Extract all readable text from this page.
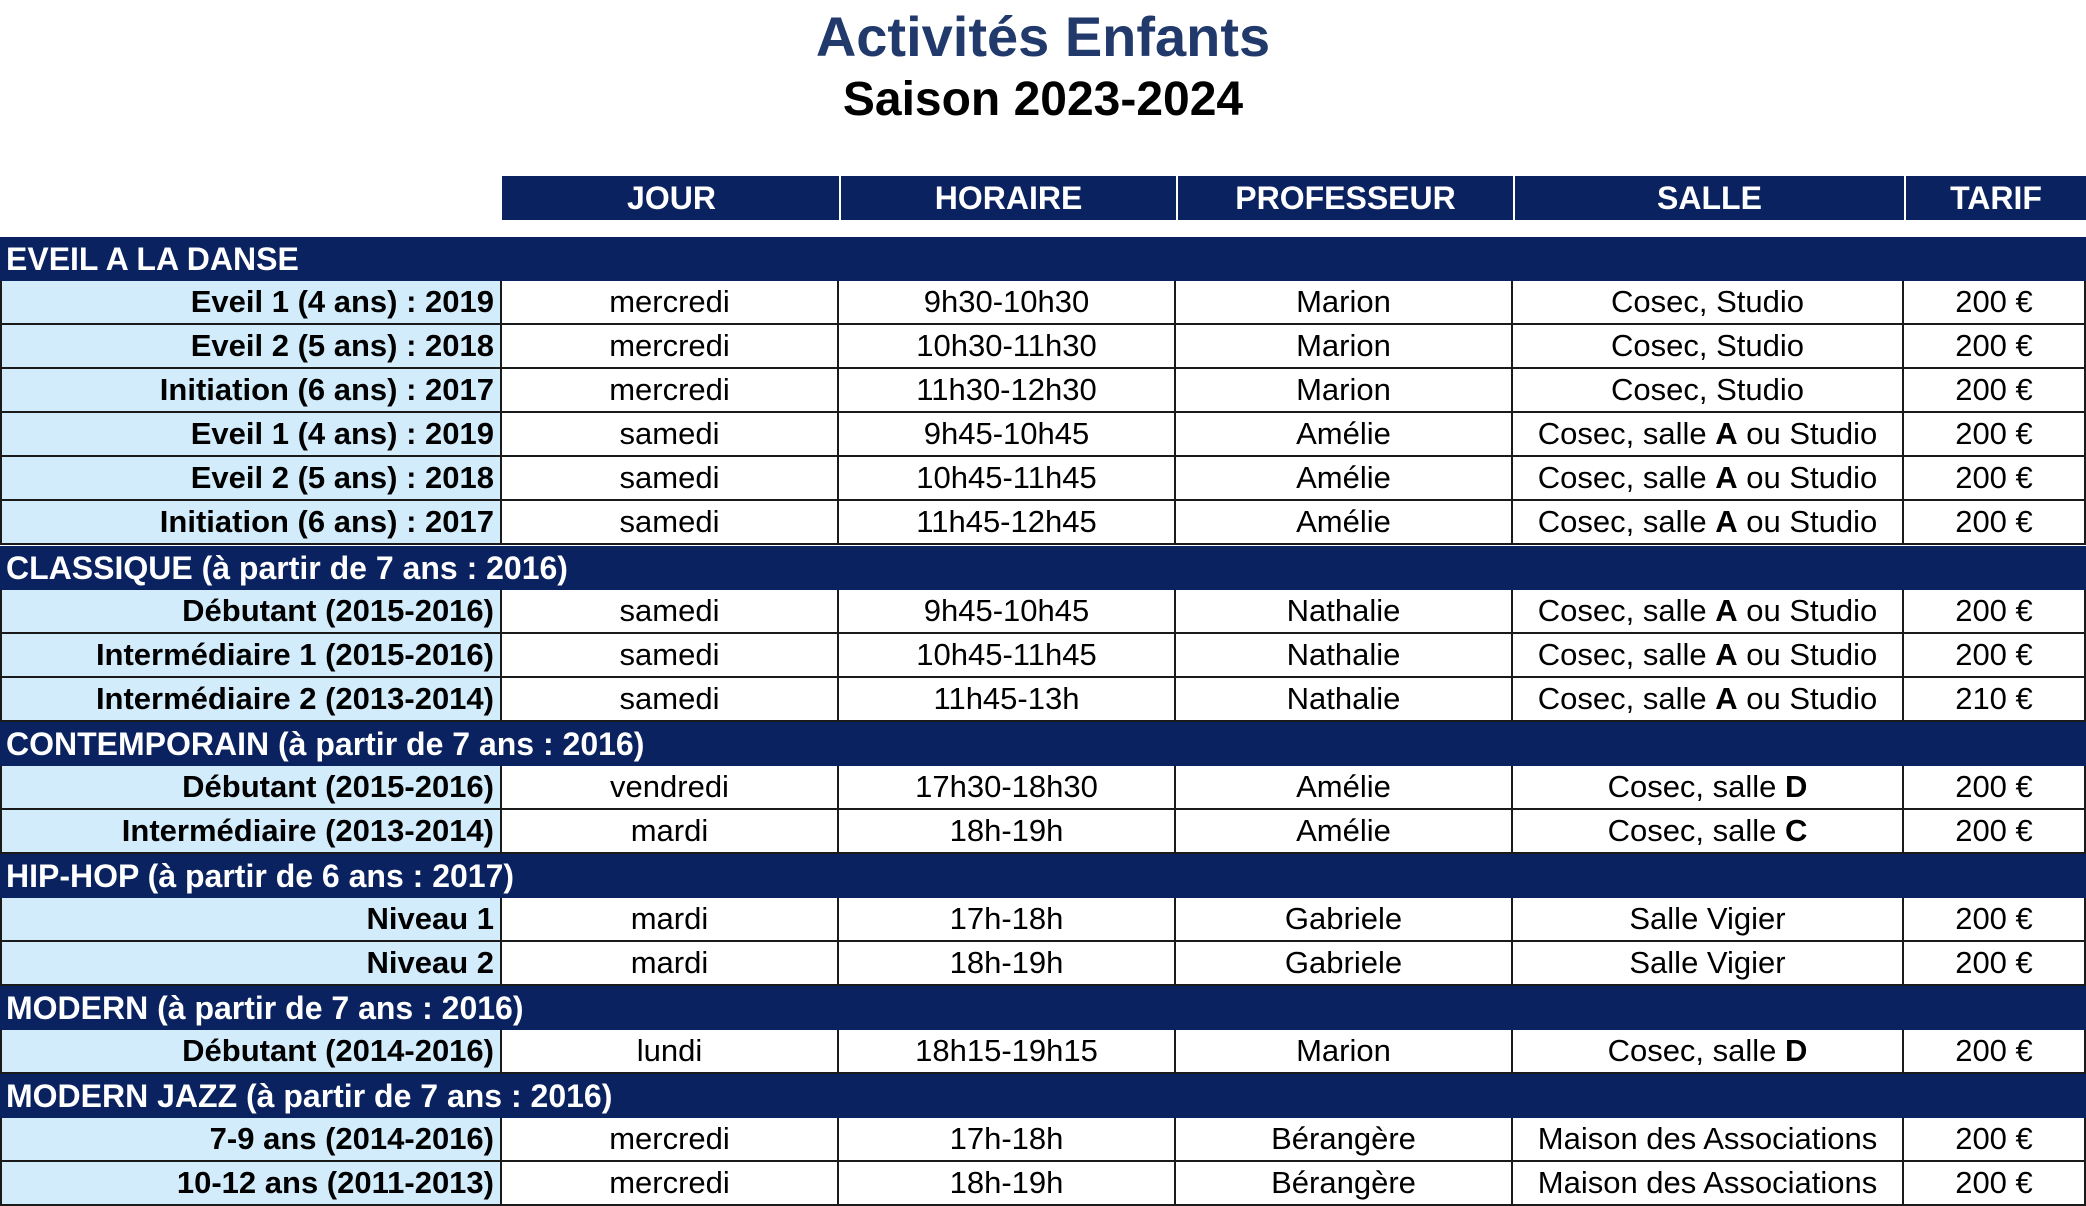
Activités Enfants
Saison 2023-2024
JOUR	HORAIRE	PROFESSEUR	SALLE	TARIF
EVEIL A LA DANSE
Eveil 1 (4 ans) : 2019	mercredi	9h30-10h30	Marion	Cosec, Studio	200 €
Eveil 2 (5 ans) : 2018	mercredi	10h30-11h30	Marion	Cosec, Studio	200 €
Initiation (6 ans) : 2017	mercredi	11h30-12h30	Marion	Cosec, Studio	200 €
Eveil 1 (4 ans) : 2019	samedi	9h45-10h45	Amélie	Cosec, salle A ou Studio	200 €
Eveil 2 (5 ans) : 2018	samedi	10h45-11h45	Amélie	Cosec, salle A ou Studio	200 €
Initiation (6 ans) : 2017	samedi	11h45-12h45	Amélie	Cosec, salle A ou Studio	200 €
CLASSIQUE (à partir de 7 ans : 2016)
Débutant (2015-2016)	samedi	9h45-10h45	Nathalie	Cosec, salle A ou Studio	200 €
Intermédiaire 1 (2015-2016)	samedi	10h45-11h45	Nathalie	Cosec, salle A ou Studio	200 €
Intermédiaire 2 (2013-2014)	samedi	11h45-13h	Nathalie	Cosec, salle A ou Studio	210 €
CONTEMPORAIN (à partir de 7 ans : 2016)
Débutant (2015-2016)	vendredi	17h30-18h30	Amélie	Cosec, salle D	200 €
Intermédiaire (2013-2014)	mardi	18h-19h	Amélie	Cosec, salle C	200 €
HIP-HOP (à partir de 6 ans : 2017)
Niveau 1	mardi	17h-18h	Gabriele	Salle Vigier	200 €
Niveau 2	mardi	18h-19h	Gabriele	Salle Vigier	200 €
MODERN (à partir de 7 ans : 2016)
Débutant (2014-2016)	lundi	18h15-19h15	Marion	Cosec, salle D	200 €
MODERN JAZZ (à partir de 7 ans : 2016)
7-9 ans (2014-2016)	mercredi	17h-18h	Bérangère	Maison des Associations	200 €
10-12 ans (2011-2013)	mercredi	18h-19h	Bérangère	Maison des Associations	200 €
